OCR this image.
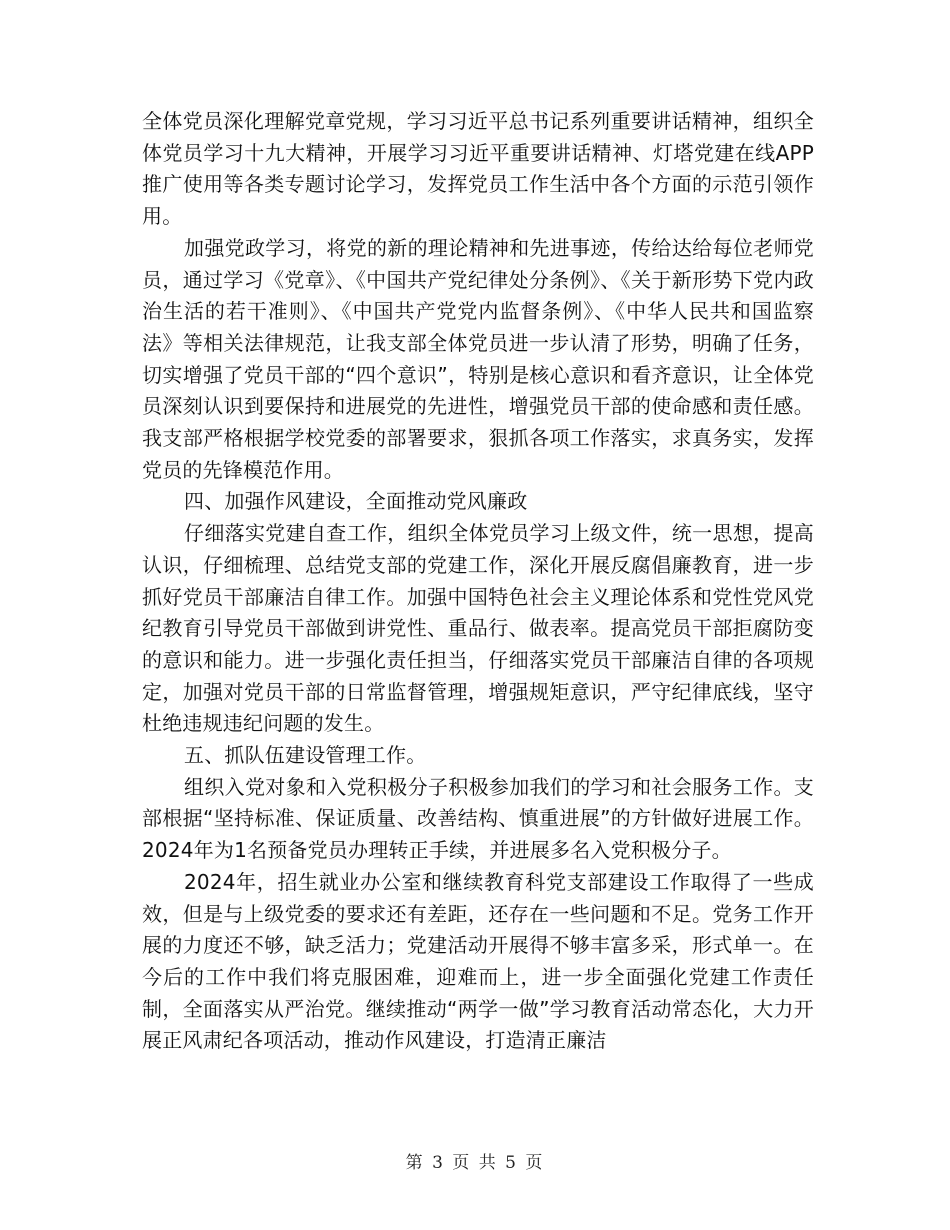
全体党员深化理解党章党规，学习习近平总书记系列重要讲话精神，组织全体党员学习十九大精神，开展学习习近平重要讲话精神、灯塔党建在线APP推广使用等各类专题讨论学习，发挥党员工作生活中各个方面的示范引领作用。

加强党政学习，将党的新的理论精神和先进事迹，传给达给每位老师党员，通过学习《党章》、《中国共产党纪律处分条例》、《关于新形势下党内政治生活的若干准则》、《中国共产党党内监督条例》、《中华人民共和国监察法》等相关法律规范，让我支部全体党员进一步认清了形势，明确了任务，切实增强了党员干部的“四个意识”，特别是核心意识和看齐意识，让全体党员深刻认识到要保持和进展党的先进性，增强党员干部的使命感和责任感。我支部严格根据学校党委的部署要求，狠抓各项工作落实，求真务实，发挥党员的先锋模范作用。

四、加强作风建设，全面推动党风廉政

仔细落实党建自查工作，组织全体党员学习上级文件，统一思想，提高认识，仔细梳理、总结党支部的党建工作，深化开展反腐倡廉教育，进一步抓好党员干部廉洁自律工作。加强中国特色社会主义理论体系和党性党风党纪教育引导党员干部做到讲党性、重品行、做表率。提高党员干部拒腐防变的意识和能力。进一步强化责任担当，仔细落实党员干部廉洁自律的各项规定，加强对党员干部的日常监督管理，增强规矩意识，严守纪律底线，坚守杜绝违规违纪问题的发生。

五、抓队伍建设管理工作。

组织入党对象和入党积极分子积极参加我们的学习和社会服务工作。支部根据“坚持标准、保证质量、改善结构、慎重进展”的方针做好进展工作。2024年为1名预备党员办理转正手续，并进展多名入党积极分子。

2024年，招生就业办公室和继续教育科党支部建设工作取得了一些成效，但是与上级党委的要求还有差距，还存在一些问题和不足。党务工作开展的力度还不够，缺乏活力；党建活动开展得不够丰富多采，形式单一。在今后的工作中我们将克服困难，迎难而上，进一步全面强化党建工作责任制，全面落实从严治党。继续推动“两学一做”学习教育活动常态化，大力开展正风肃纪各项活动，推动作风建设，打造清正廉洁

第 3 页 共 5 页
